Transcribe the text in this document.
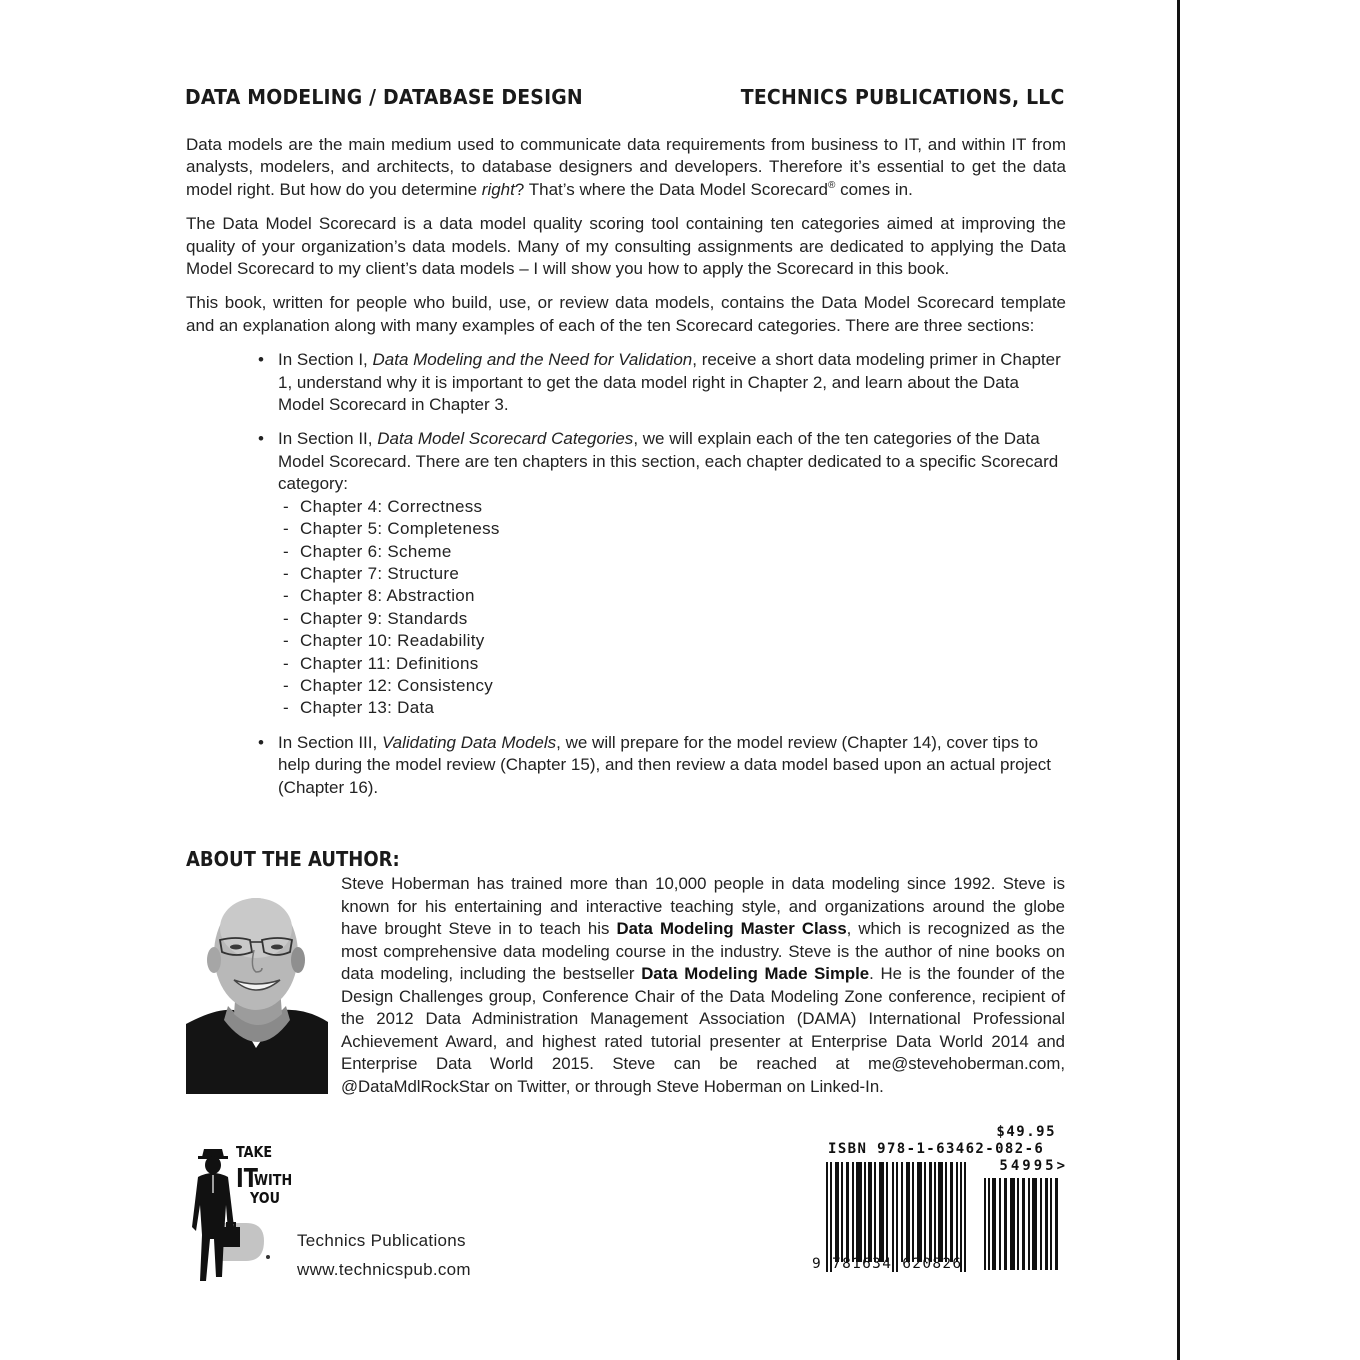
DATA MODELING / DATABASE DESIGN	TECHNICS PUBLICATIONS, LLC

Data models are the main medium used to communicate data requirements from business to IT, and within IT from analysts, modelers, and architects, to database designers and developers. Therefore it’s essential to get the data model right. But how do you determine right? That’s where the Data Model Scorecard® comes in.

The Data Model Scorecard is a data model quality scoring tool containing ten categories aimed at improving the quality of your organization’s data models. Many of my consulting assignments are dedicated to applying the Data Model Scorecard to my client’s data models – I will show you how to apply the Scorecard in this book.

This book, written for people who build, use, or review data models, contains the Data Model Scorecard template and an explanation along with many examples of each of the ten Scorecard categories. There are three sections:

• In Section I, Data Modeling and the Need for Validation, receive a short data modeling primer in Chapter 1, understand why it is important to get the data model right in Chapter 2, and learn about the Data Model Scorecard in Chapter 3.
• In Section II, Data Model Scorecard Categories, we will explain each of the ten categories of the Data Model Scorecard. There are ten chapters in this section, each chapter dedicated to a specific Scorecard category:
- Chapter 4: Correctness
- Chapter 5: Completeness
- Chapter 6: Scheme
- Chapter 7: Structure
- Chapter 8: Abstraction
- Chapter 9: Standards
- Chapter 10: Readability
- Chapter 11: Definitions
- Chapter 12: Consistency
- Chapter 13: Data
• In Section III, Validating Data Models, we will prepare for the model review (Chapter 14), cover tips to help during the model review (Chapter 15), and then review a data model based upon an actual project (Chapter 16).
ABOUT THE AUTHOR:
Steve Hoberman has trained more than 10,000 people in data modeling since 1992. Steve is known for his entertaining and interactive teaching style, and organizations around the globe have brought Steve in to teach his Data Modeling Master Class, which is recognized as the most comprehensive data modeling course in the industry. Steve is the author of nine books on data modeling, including the bestseller Data Modeling Made Simple. He is the founder of the Design Challenges group, Conference Chair of the Data Modeling Zone conference, recipient of the 2012 Data Administration Management Association (DAMA) International Professional Achievement Award, and highest rated tutorial presenter at Enterprise Data World 2014 and Enterprise Data World 2015. Steve can be reached at me@stevehoberman.com, @DataMdlRockStar on Twitter, or through Steve Hoberman on Linked-In.
TAKE
IT
WITH
YOU
Technics Publications
www.technicspub.com
$49.95
ISBN 978-1-63462-082-6
54995>
9 781634 620826
